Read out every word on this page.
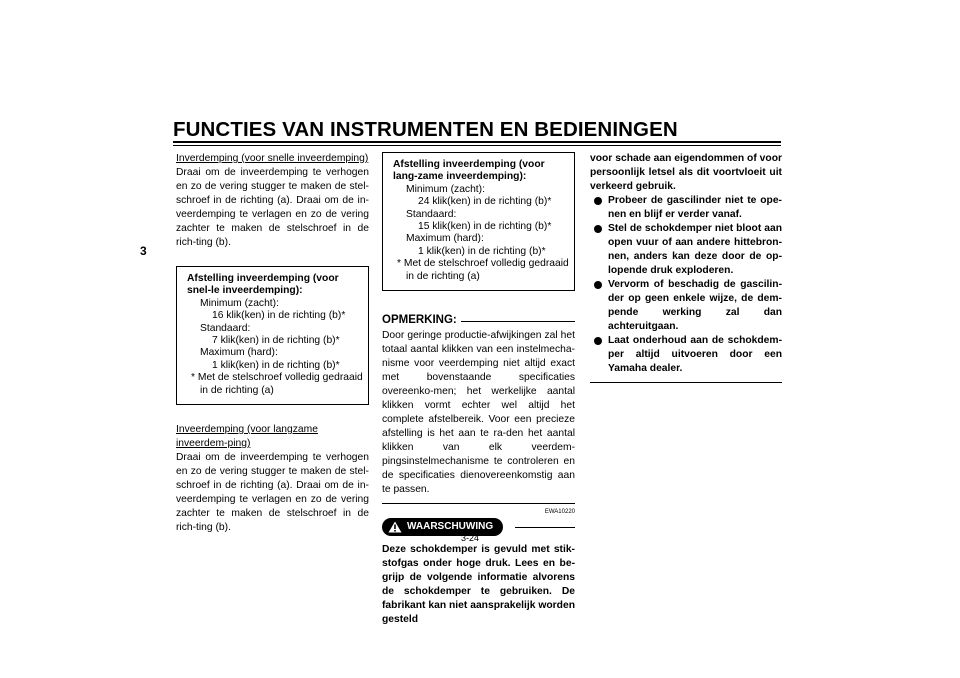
FUNCTIES VAN INSTRUMENTEN EN BEDIENINGEN
3
Inverdemping (voor snelle inveerdemping)
Draai om de inveerdemping te verhogen en zo de vering stugger te maken de stel-schroef in de richting (a). Draai om de in-veerdemping te verlagen en zo de vering zachter te maken de stelschroef in de rich-ting (b).
Afstelling inveerdemping (voor snel-le inveerdemping):
Minimum (zacht):
16 klik(ken) in de richting (b)*
Standaard:
7 klik(ken) in de richting (b)*
Maximum (hard):
1 klik(ken) in de richting (b)*
* Met de stelschroef volledig gedraaid in de richting (a)
Inveerdemping (voor langzame inveerdem-ping)
Draai om de inveerdemping te verhogen en zo de vering stugger te maken de stel-schroef in de richting (a). Draai om de in-veerdemping te verlagen en zo de vering zachter te maken de stelschroef in de rich-ting (b).
Afstelling inveerdemping (voor lang-zame inveerdemping):
Minimum (zacht):
24 klik(ken) in de richting (b)*
Standaard:
15 klik(ken) in de richting (b)*
Maximum (hard):
1 klik(ken) in de richting (b)*
* Met de stelschroef volledig gedraaid in de richting (a)
OPMERKING:
Door geringe productie-afwijkingen zal het totaal aantal klikken van een instelmecha-nisme voor veerdemping niet altijd exact met bovenstaande specificaties overeenko-men; het werkelijke aantal klikken vormt echter wel altijd het complete afstelbereik. Voor een precieze afstelling is het aan te ra-den het aantal klikken van elk veerdem-pingsinstelmechanisme te controleren en de specificaties dienovereenkomstig aan te passen.
EWA10220
WAARSCHUWING
Deze schokdemper is gevuld met stik-stofgas onder hoge druk. Lees en be-grijp de volgende informatie alvorens de schokdemper te gebruiken. De fabrikant kan niet aansprakelijk worden gesteld
voor schade aan eigendommen of voor persoonlijk letsel als dit voortvloeit uit verkeerd gebruik.
Probeer de gascilinder niet te ope-nen en blijf er verder vanaf.
Stel de schokdemper niet bloot aan open vuur of aan andere hittebron-nen, anders kan deze door de op-lopende druk exploderen.
Vervorm of beschadig de gascilin-der op geen enkele wijze, de dem-pende werking zal dan achteruitgaan.
Laat onderhoud aan de schokdem-per altijd uitvoeren door een Yamaha dealer.
3-24
